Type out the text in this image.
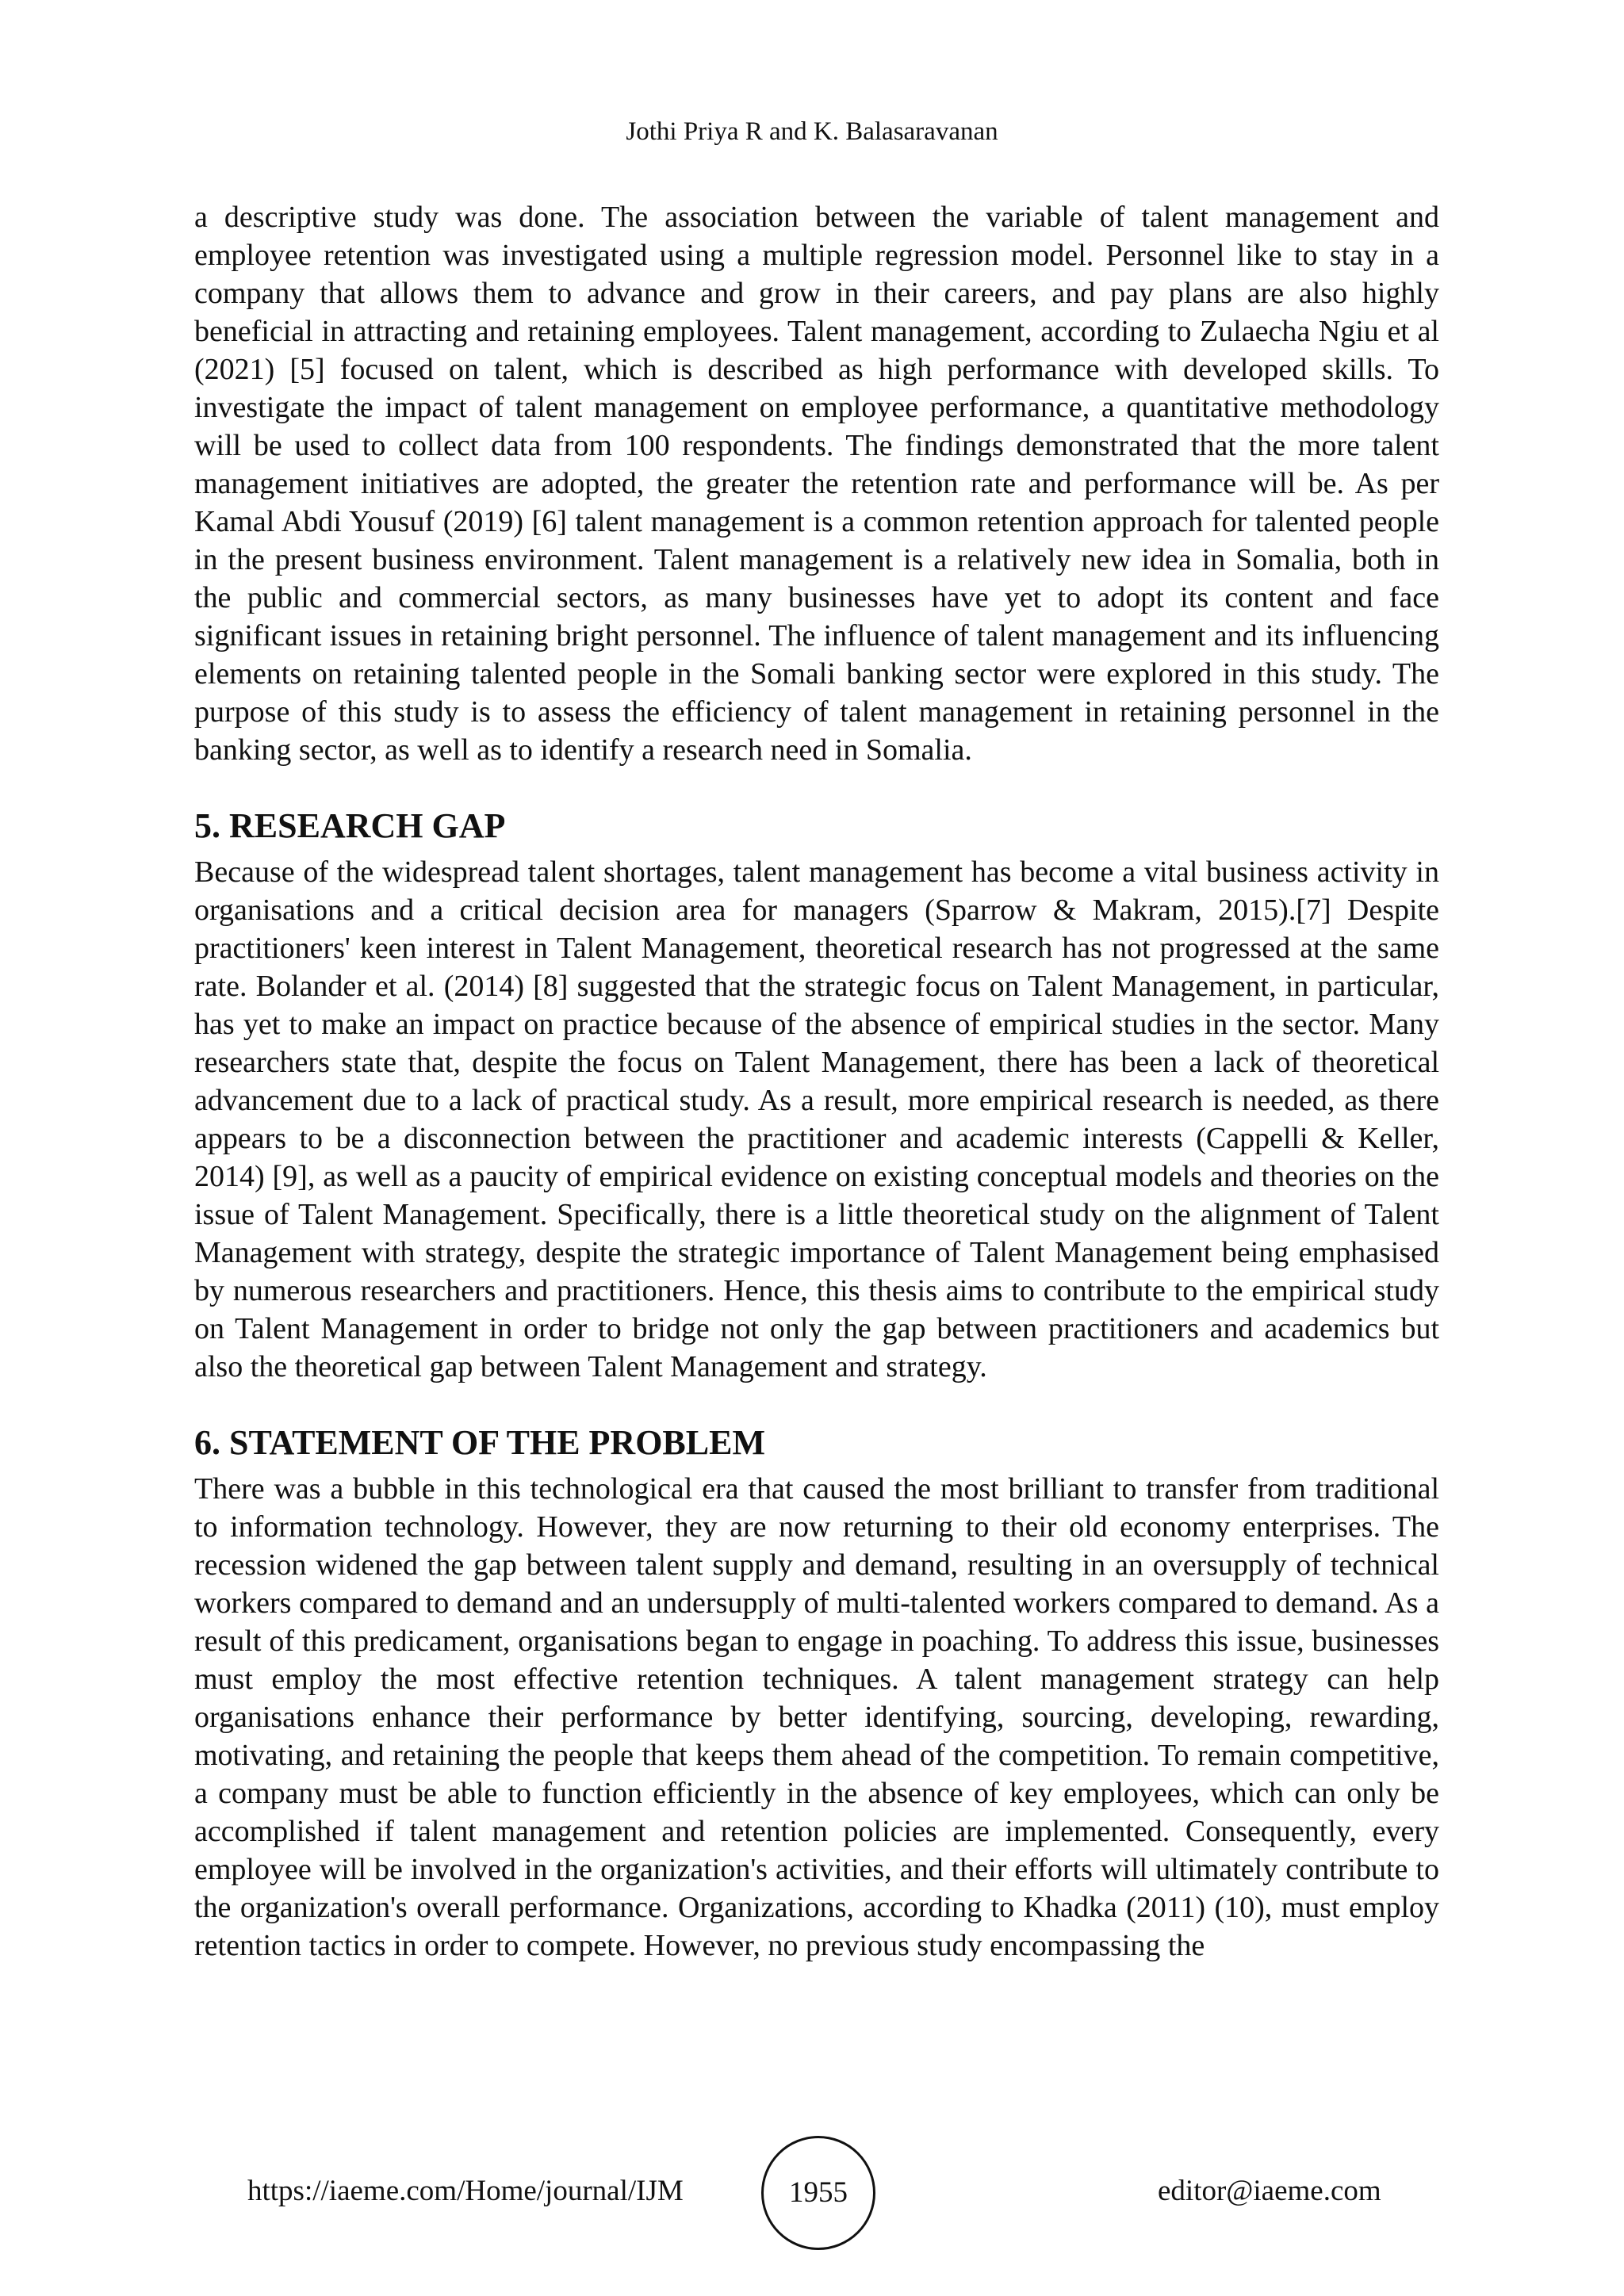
Jothi Priya R and K. Balasaravanan

a descriptive study was done. The association between the variable of talent management and employee retention was investigated using a multiple regression model. Personnel like to stay in a company that allows them to advance and grow in their careers, and pay plans are also highly beneficial in attracting and retaining employees. Talent management, according to Zulaecha Ngiu et al (2021) [5] focused on talent, which is described as high performance with developed skills. To investigate the impact of talent management on employee performance, a quantitative methodology will be used to collect data from 100 respondents. The findings demonstrated that the more talent management initiatives are adopted, the greater the retention rate and performance will be. As per Kamal Abdi Yousuf (2019) [6] talent management is a common retention approach for talented people in the present business environment. Talent management is a relatively new idea in Somalia, both in the public and commercial sectors, as many businesses have yet to adopt its content and face significant issues in retaining bright personnel. The influence of talent management and its influencing elements on retaining talented people in the Somali banking sector were explored in this study. The purpose of this study is to assess the efficiency of talent management in retaining personnel in the banking sector, as well as to identify a research need in Somalia.

5. RESEARCH GAP

Because of the widespread talent shortages, talent management has become a vital business activity in organisations and a critical decision area for managers (Sparrow & Makram, 2015).[7] Despite practitioners' keen interest in Talent Management, theoretical research has not progressed at the same rate. Bolander et al. (2014) [8] suggested that the strategic focus on Talent Management, in particular, has yet to make an impact on practice because of the absence of empirical studies in the sector. Many researchers state that, despite the focus on Talent Management, there has been a lack of theoretical advancement due to a lack of practical study. As a result, more empirical research is needed, as there appears to be a disconnection between the practitioner and academic interests (Cappelli & Keller, 2014) [9], as well as a paucity of empirical evidence on existing conceptual models and theories on the issue of Talent Management. Specifically, there is a little theoretical study on the alignment of Talent Management with strategy, despite the strategic importance of Talent Management being emphasised by numerous researchers and practitioners. Hence, this thesis aims to contribute to the empirical study on Talent Management in order to bridge not only the gap between practitioners and academics but also the theoretical gap between Talent Management and strategy.

6. STATEMENT OF THE PROBLEM

There was a bubble in this technological era that caused the most brilliant to transfer from traditional to information technology. However, they are now returning to their old economy enterprises. The recession widened the gap between talent supply and demand, resulting in an oversupply of technical workers compared to demand and an undersupply of multi-talented workers compared to demand. As a result of this predicament, organisations began to engage in poaching. To address this issue, businesses must employ the most effective retention techniques. A talent management strategy can help organisations enhance their performance by better identifying, sourcing, developing, rewarding, motivating, and retaining the people that keeps them ahead of the competition. To remain competitive, a company must be able to function efficiently in the absence of key employees, which can only be accomplished if talent management and retention policies are implemented. Consequently, every employee will be involved in the organization's activities, and their efforts will ultimately contribute to the organization's overall performance. Organizations, according to Khadka (2011) (10), must employ retention tactics in order to compete. However, no previous study encompassing the

https://iaeme.com/Home/journal/IJM	1955	editor@iaeme.com
